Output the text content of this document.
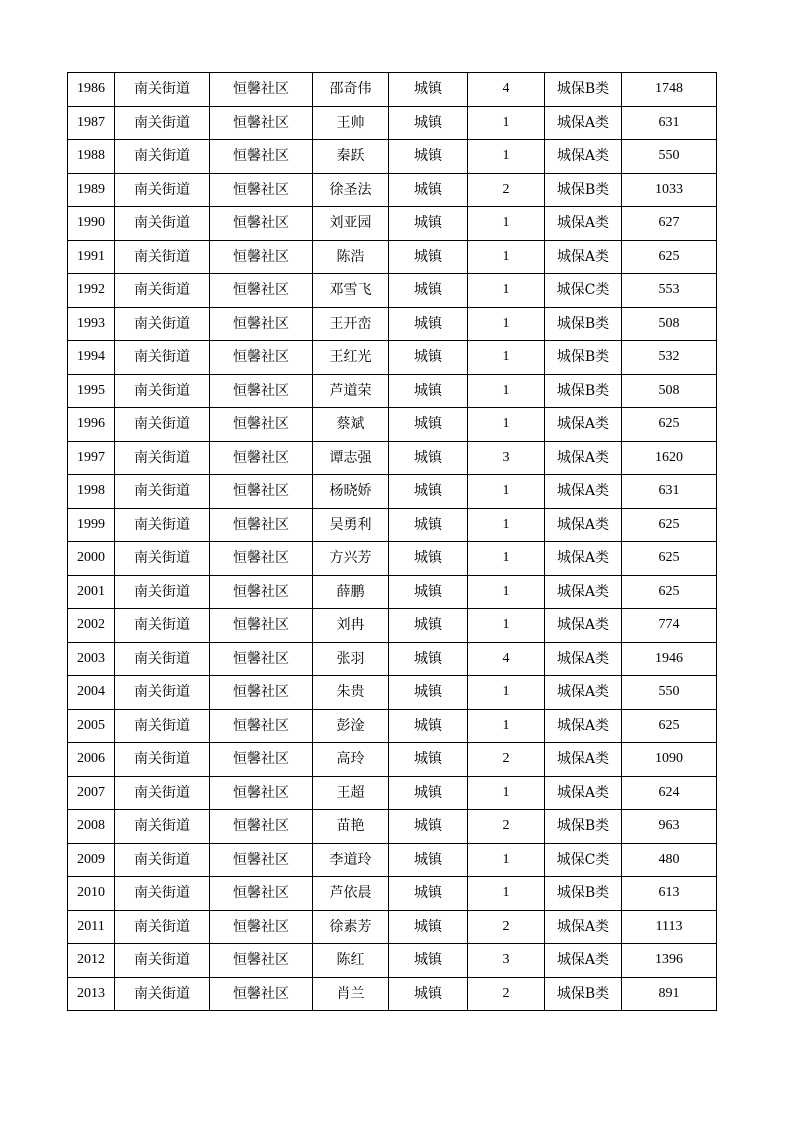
1986	南关街道	恒馨社区	邵奇伟	城镇	4	城保B类	1748
1987	南关街道	恒馨社区	王帅	城镇	1	城保A类	631
1988	南关街道	恒馨社区	秦跃	城镇	1	城保A类	550
1989	南关街道	恒馨社区	徐圣法	城镇	2	城保B类	1033
1990	南关街道	恒馨社区	刘亚园	城镇	1	城保A类	627
1991	南关街道	恒馨社区	陈浩	城镇	1	城保A类	625
1992	南关街道	恒馨社区	邓雪飞	城镇	1	城保C类	553
1993	南关街道	恒馨社区	王开峦	城镇	1	城保B类	508
1994	南关街道	恒馨社区	王红光	城镇	1	城保B类	532
1995	南关街道	恒馨社区	芦道荣	城镇	1	城保B类	508
1996	南关街道	恒馨社区	蔡斌	城镇	1	城保A类	625
1997	南关街道	恒馨社区	谭志强	城镇	3	城保A类	1620
1998	南关街道	恒馨社区	杨晓娇	城镇	1	城保A类	631
1999	南关街道	恒馨社区	吴勇利	城镇	1	城保A类	625
2000	南关街道	恒馨社区	方兴芳	城镇	1	城保A类	625
2001	南关街道	恒馨社区	薛鹏	城镇	1	城保A类	625
2002	南关街道	恒馨社区	刘冉	城镇	1	城保A类	774
2003	南关街道	恒馨社区	张羽	城镇	4	城保A类	1946
2004	南关街道	恒馨社区	朱贵	城镇	1	城保A类	550
2005	南关街道	恒馨社区	彭淦	城镇	1	城保A类	625
2006	南关街道	恒馨社区	高玲	城镇	2	城保A类	1090
2007	南关街道	恒馨社区	王超	城镇	1	城保A类	624
2008	南关街道	恒馨社区	苗艳	城镇	2	城保B类	963
2009	南关街道	恒馨社区	李道玲	城镇	1	城保C类	480
2010	南关街道	恒馨社区	芦依晨	城镇	1	城保B类	613
2011	南关街道	恒馨社区	徐素芳	城镇	2	城保A类	1113
2012	南关街道	恒馨社区	陈红	城镇	3	城保A类	1396
2013	南关街道	恒馨社区	肖兰	城镇	2	城保B类	891
